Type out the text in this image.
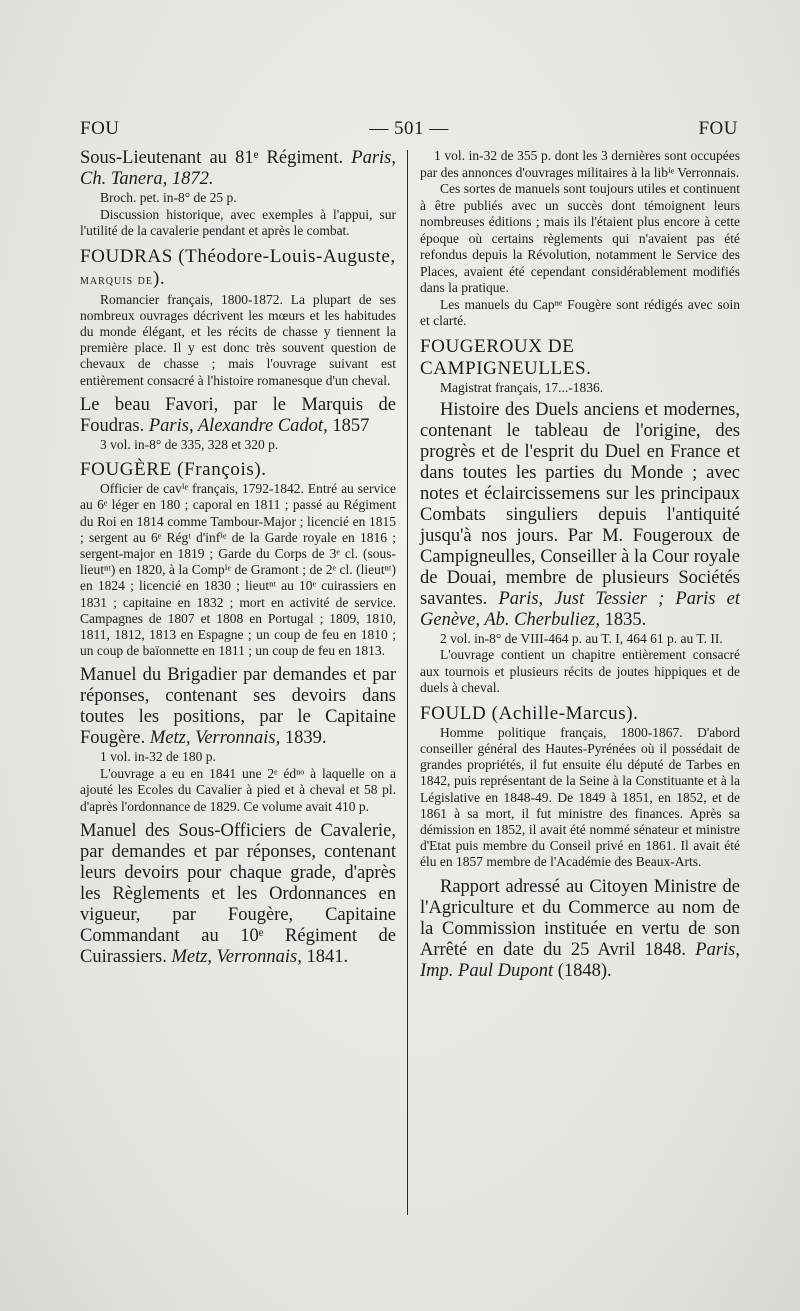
FOU	— 501 —	FOU

Sous-Lieutenant au 81ᵉ Régiment. Paris, Ch. Tanera, 1872.

Broch. pet. in-8° de 25 p.

Discussion historique, avec exemples à l'appui, sur l'utilité de la cavalerie pendant et après le combat.

FOUDRAS (Théodore-Louis-Auguste, marquis de).

Romancier français, 1800-1872. La plupart de ses nombreux ouvrages décrivent les mœurs et les habitudes du monde élégant, et les récits de chasse y tiennent la première place. Il y est donc très souvent question de chevaux de chasse ; mais l'ouvrage suivant est entièrement consacré à l'histoire romanesque d'un cheval.

Le beau Favori, par le Marquis de Foudras. Paris, Alexandre Cadot, 1857

3 vol. in-8° de 335, 328 et 320 p.

FOUGÈRE (François).

Officier de cavⁱᵉ français, 1792-1842. Entré au service au 6ᵉ léger en 180 ; caporal en 1811 ; passé au Régiment du Roi en 1814 comme Tambour-Major ; licencié en 1815 ; sergent au 6ᵉ Régᵗ d'infⁱᵉ de la Garde royale en 1816 ; sergent-major en 1819 ; Garde du Corps de 3ᵉ cl. (sous-lieutⁿᵗ) en 1820, à la Compⁱᵉ de Gramont ; de 2ᵉ cl. (lieutⁿᵗ) en 1824 ; licencié en 1830 ; lieutⁿᵗ au 10ᵉ cuirassiers en 1831 ; capitaine en 1832 ; mort en activité de service. Campagnes de 1807 et 1808 en Portugal ; 1809, 1810, 1811, 1812, 1813 en Espagne ; un coup de feu en 1810 ; un coup de baïonnette en 1811 ; un coup de feu en 1813.

Manuel du Brigadier par demandes et par réponses, contenant ses devoirs dans toutes les positions, par le Capitaine Fougère. Metz, Verronnais, 1839.

1 vol. in-32 de 180 p.

L'ouvrage a eu en 1841 une 2ᵉ édⁿᵒ à laquelle on a ajouté les Ecoles du Cavalier à pied et à cheval et 58 pl. d'après l'ordonnance de 1829. Ce volume avait 410 p.

Manuel des Sous-Officiers de Cavalerie, par demandes et par réponses, contenant leurs devoirs pour chaque grade, d'après les Règlements et les Ordonnances en vigueur, par Fougère, Capitaine Commandant au 10ᵉ Régiment de Cuirassiers. Metz, Verronnais, 1841.

1 vol. in-32 de 355 p. dont les 3 dernières sont occupées par des annonces d'ouvrages militaires à la libⁱᵉ Verronnais.

Ces sortes de manuels sont toujours utiles et continuent à être publiés avec un succès dont témoignent leurs nombreuses éditions ; mais ils l'étaient plus encore à cette époque où certains règlements qui n'avaient pas été refondus depuis la Révolution, notamment le Service des Places, avaient été cependant considérablement modifiés dans la pratique.

Les manuels du Capⁿᵉ Fougère sont rédigés avec soin et clarté.

FOUGEROUX DE CAMPIGNEULLES.

Magistrat français, 17...-1836.

Histoire des Duels anciens et modernes, contenant le tableau de l'origine, des progrès et de l'esprit du Duel en France et dans toutes les parties du Monde ; avec notes et éclaircissemens sur les principaux Combats singuliers depuis l'antiquité jusqu'à nos jours. Par M. Fougeroux de Campigneulles, Conseiller à la Cour royale de Douai, membre de plusieurs Sociétés savantes. Paris, Just Tessier ; Paris et Genève, Ab. Cherbuliez, 1835.

2 vol. in-8° de VIII-464 p. au T. I, 464 61 p. au T. II.

L'ouvrage contient un chapitre entièrement consacré aux tournois et plusieurs récits de joutes hippiques et de duels à cheval.

FOULD (Achille-Marcus).

Homme politique français, 1800-1867. D'abord conseiller général des Hautes-Pyrénées où il possédait de grandes propriétés, il fut ensuite élu député de Tarbes en 1842, puis représentant de la Seine à la Constituante et à la Législative en 1848-49. De 1849 à 1851, en 1852, et de 1861 à sa mort, il fut ministre des finances. Après sa démission en 1852, il avait été nommé sénateur et ministre d'Etat puis membre du Conseil privé en 1861. Il avait été élu en 1857 membre de l'Académie des Beaux-Arts.

Rapport adressé au Citoyen Ministre de l'Agriculture et du Commerce au nom de la Commission instituée en vertu de son Arrêté en date du 25 Avril 1848. Paris, Imp. Paul Dupont (1848).
